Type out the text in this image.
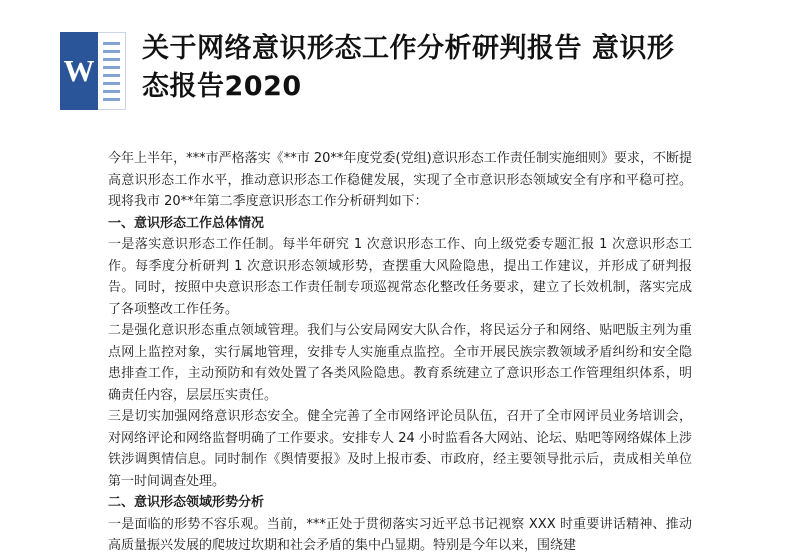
W
关于网络意识形态工作分析研判报告 意识形态报告2020

今年上半年，***市严格落实《**市 20**年度党委(党组)意识形态工作责任制实施细则》要求，不断提高意识形态工作水平，推动意识形态工作稳健发展，实现了全市意识形态领域安全有序和平稳可控。现将我市 20**年第二季度意识形态工作分析研判如下：

一、意识形态工作总体情况

一是落实意识形态工作任制。每半年研究 1 次意识形态工作、向上级党委专题汇报 1 次意识形态工作。每季度分析研判 1 次意识形态领域形势，查摆重大风险隐患，提出工作建议，并形成了研判报告。同时，按照中央意识形态工作责任制专项巡视常态化整改任务要求，建立了长效机制，落实完成了各项整改工作任务。

二是强化意识形态重点领域管理。我们与公安局网安大队合作，将民运分子和网络、贴吧版主列为重点网上监控对象，实行属地管理，安排专人实施重点监控。全市开展民族宗教领域矛盾纠纷和安全隐患排查工作，主动预防和有效处置了各类风险隐患。教育系统建立了意识形态工作管理组织体系，明确责任内容，层层压实责任。

三是切实加强网络意识形态安全。健全完善了全市网络评论员队伍，召开了全市网评员业务培训会，对网络评论和网络监督明确了工作要求。安排专人 24 小时监看各大网站、论坛、贴吧等网络媒体上涉铁涉调舆情信息。同时制作《舆情要报》及时上报市委、市政府，经主要领导批示后，责成相关单位第一时间调查处理。

二、意识形态领域形势分析

一是面临的形势不容乐观。当前，***正处于贯彻落实习近平总书记视察 XXX 时重要讲话精神、推动高质量振兴发展的爬坡过坎期和社会矛盾的集中凸显期。特别是今年以来，围绕建
